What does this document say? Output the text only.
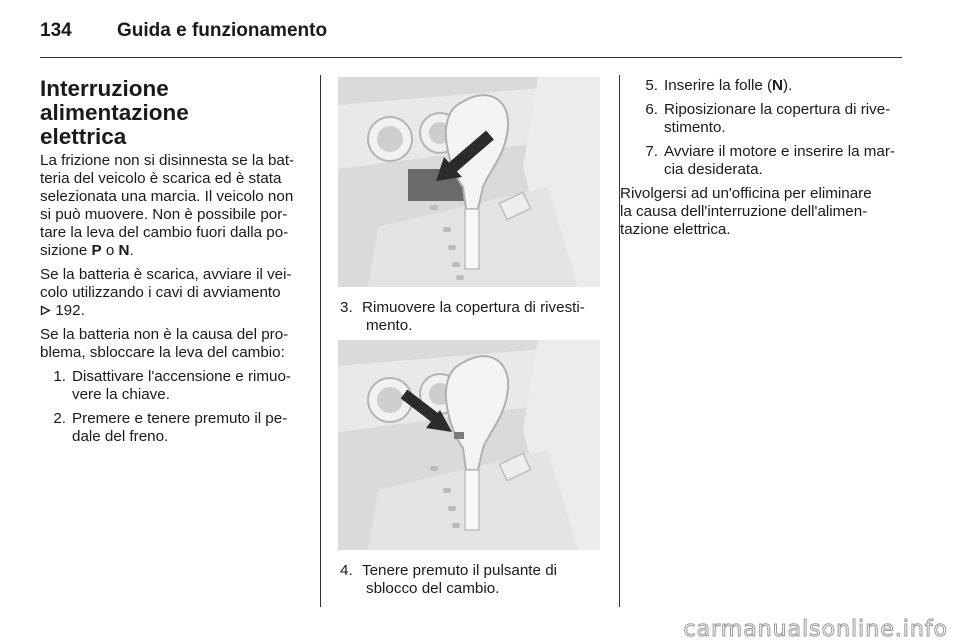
134 Guida e funzionamento
Interruzione alimentazione
elettrica

La frizione non si disinnesta se la bat-
teria del veicolo è scarica ed è stata
selezionata una marcia. Il veicolo non
si può muovere. Non è possibile por-
tare la leva del cambio fuori dalla po-
sizione P o N.

Se la batteria è scarica, avviare il vei-
colo utilizzando i cavi di avviamento
192.

Se la batteria non è la causa del pro-
blema, sbloccare la leva del cambio:

1. Disattivare l'accensione e rimuo-
vere la chiave.
2. Premere e tenere premuto il pe-
dale del freno.
3. Rimuovere la copertura di rivesti-
mento.
4. Tenere premuto il pulsante di
sblocco del cambio.
5. Inserire la folle (N).
6. Riposizionare la copertura di rive-
stimento.
7. Avviare il motore e inserire la mar-
cia desiderata.

Rivolgersi ad un'officina per eliminare
la causa dell'interruzione dell'alimen-
tazione elettrica.

carmanualsonline.info
